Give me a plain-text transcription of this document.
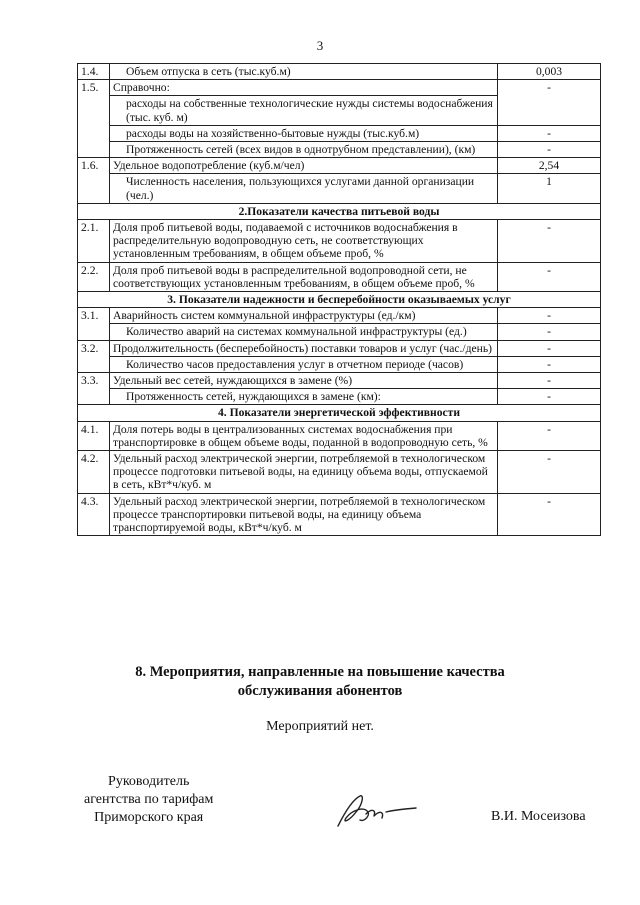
3
1.4.	Объем отпуска в сеть (тыс.куб.м)	0,003
1.5.	Справочно:	-
	расходы на собственные технологические нужды системы водоснабжения (тыс. куб. м)	
	расходы воды на хозяйственно-бытовые нужды (тыс.куб.м)	-
	Протяженность сетей (всех видов в однотрубном представлении), (км)	-
1.6.	Удельное водопотребление (куб.м/чел)	2,54
	Численность населения, пользующихся услугами данной организации (чел.)	1
2.Показатели качества питьевой воды		
2.1.	Доля проб питьевой воды, подаваемой с источников водоснабжения в распределительную водопроводную сеть, не соответствующих установленным требованиям, в общем объеме проб, %	-
2.2.	Доля проб питьевой воды в распределительной водопроводной сети, не соответствующих установленным требованиям, в общем объеме проб, %	-
3. Показатели надежности и бесперебойности оказываемых услуг		
3.1.	Аварийность систем коммунальной инфраструктуры (ед./км)	-
	Количество аварий на системах коммунальной инфраструктуры (ед.)	-
3.2.	Продолжительность (бесперебойность) поставки товаров и услуг (час./день)	-
	Количество часов предоставления услуг в отчетном периоде (часов)	-
3.3.	Удельный вес сетей, нуждающихся в замене (%)	-
	Протяженность сетей, нуждающихся в замене (км):	-
4. Показатели энергетической эффективности		
4.1.	Доля потерь воды в централизованных системах водоснабжения при транспортировке в общем объеме воды, поданной в водопроводную сеть, %	-
4.2.	Удельный расход электрической энергии, потребляемой в технологическом процессе подготовки питьевой воды, на единицу объема воды, отпускаемой в сеть, кВт*ч/куб. м	-
4.3.	Удельный расход электрической энергии, потребляемой в технологическом процессе транспортировки питьевой воды, на единицу объема транспортируемой воды, кВт*ч/куб. м	-
8. Мероприятия, направленные на повышение качества
обслуживания абонентов
Мероприятий нет.
Руководитель
агентства по тарифам
Приморского края	В.И. Мосеизова
